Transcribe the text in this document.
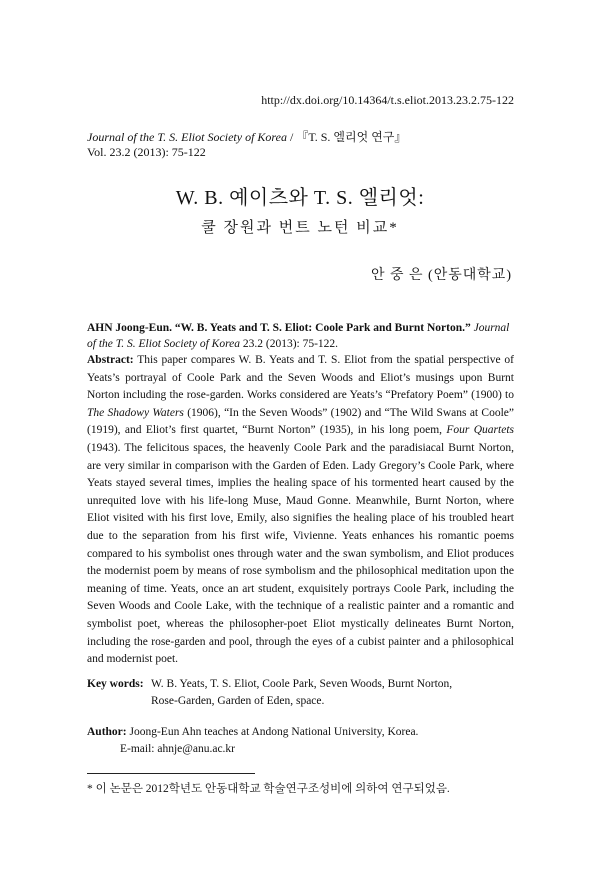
http://dx.doi.org/10.14364/t.s.eliot.2013.23.2.75-122
Journal of the T. S. Eliot Society of Korea / 『T. S. 엘리엇 연구』
Vol. 23.2 (2013): 75-122
W. B. 예이츠와 T. S. 엘리엇:
쿨 장원과 번트 노턴 비교*
안 중 은 (안동대학교)
AHN Joong-Eun. “W. B. Yeats and T. S. Eliot: Coole Park and Burnt Norton.” Journal of the T. S. Eliot Society of Korea 23.2 (2013): 75-122.
Abstract: This paper compares W. B. Yeats and T. S. Eliot from the spatial perspective of Yeats’s portrayal of Coole Park and the Seven Woods and Eliot’s musings upon Burnt Norton including the rose-garden. Works considered are Yeats’s “Prefatory Poem” (1900) to The Shadowy Waters (1906), “In the Seven Woods” (1902) and “The Wild Swans at Coole” (1919), and Eliot’s first quartet, “Burnt Norton” (1935), in his long poem, Four Quartets (1943). The felicitous spaces, the heavenly Coole Park and the paradisiacal Burnt Norton, are very similar in comparison with the Garden of Eden. Lady Gregory’s Coole Park, where Yeats stayed several times, implies the healing space of his tormented heart caused by the unrequited love with his life-long Muse, Maud Gonne. Meanwhile, Burnt Norton, where Eliot visited with his first love, Emily, also signifies the healing place of his troubled heart due to the separation from his first wife, Vivienne. Yeats enhances his romantic poems compared to his symbolist ones through water and the swan symbolism, and Eliot produces the modernist poem by means of rose symbolism and the philosophical meditation upon the meaning of time. Yeats, once an art student, exquisitely portrays Coole Park, including the Seven Woods and Coole Lake, with the technique of a realistic painter and a romantic and symbolist poet, whereas the philosopher-poet Eliot mystically delineates Burnt Norton, including the rose-garden and pool, through the eyes of a cubist painter and a philosophical and modernist poet.
Key words: W. B. Yeats, T. S. Eliot, Coole Park, Seven Woods, Burnt Norton,
Rose-Garden, Garden of Eden, space.
Author: Joong-Eun Ahn teaches at Andong National University, Korea.
E-mail: ahnje@anu.ac.kr
* 이 논문은 2012학년도 안동대학교 학술연구조성비에 의하여 연구되었음.
